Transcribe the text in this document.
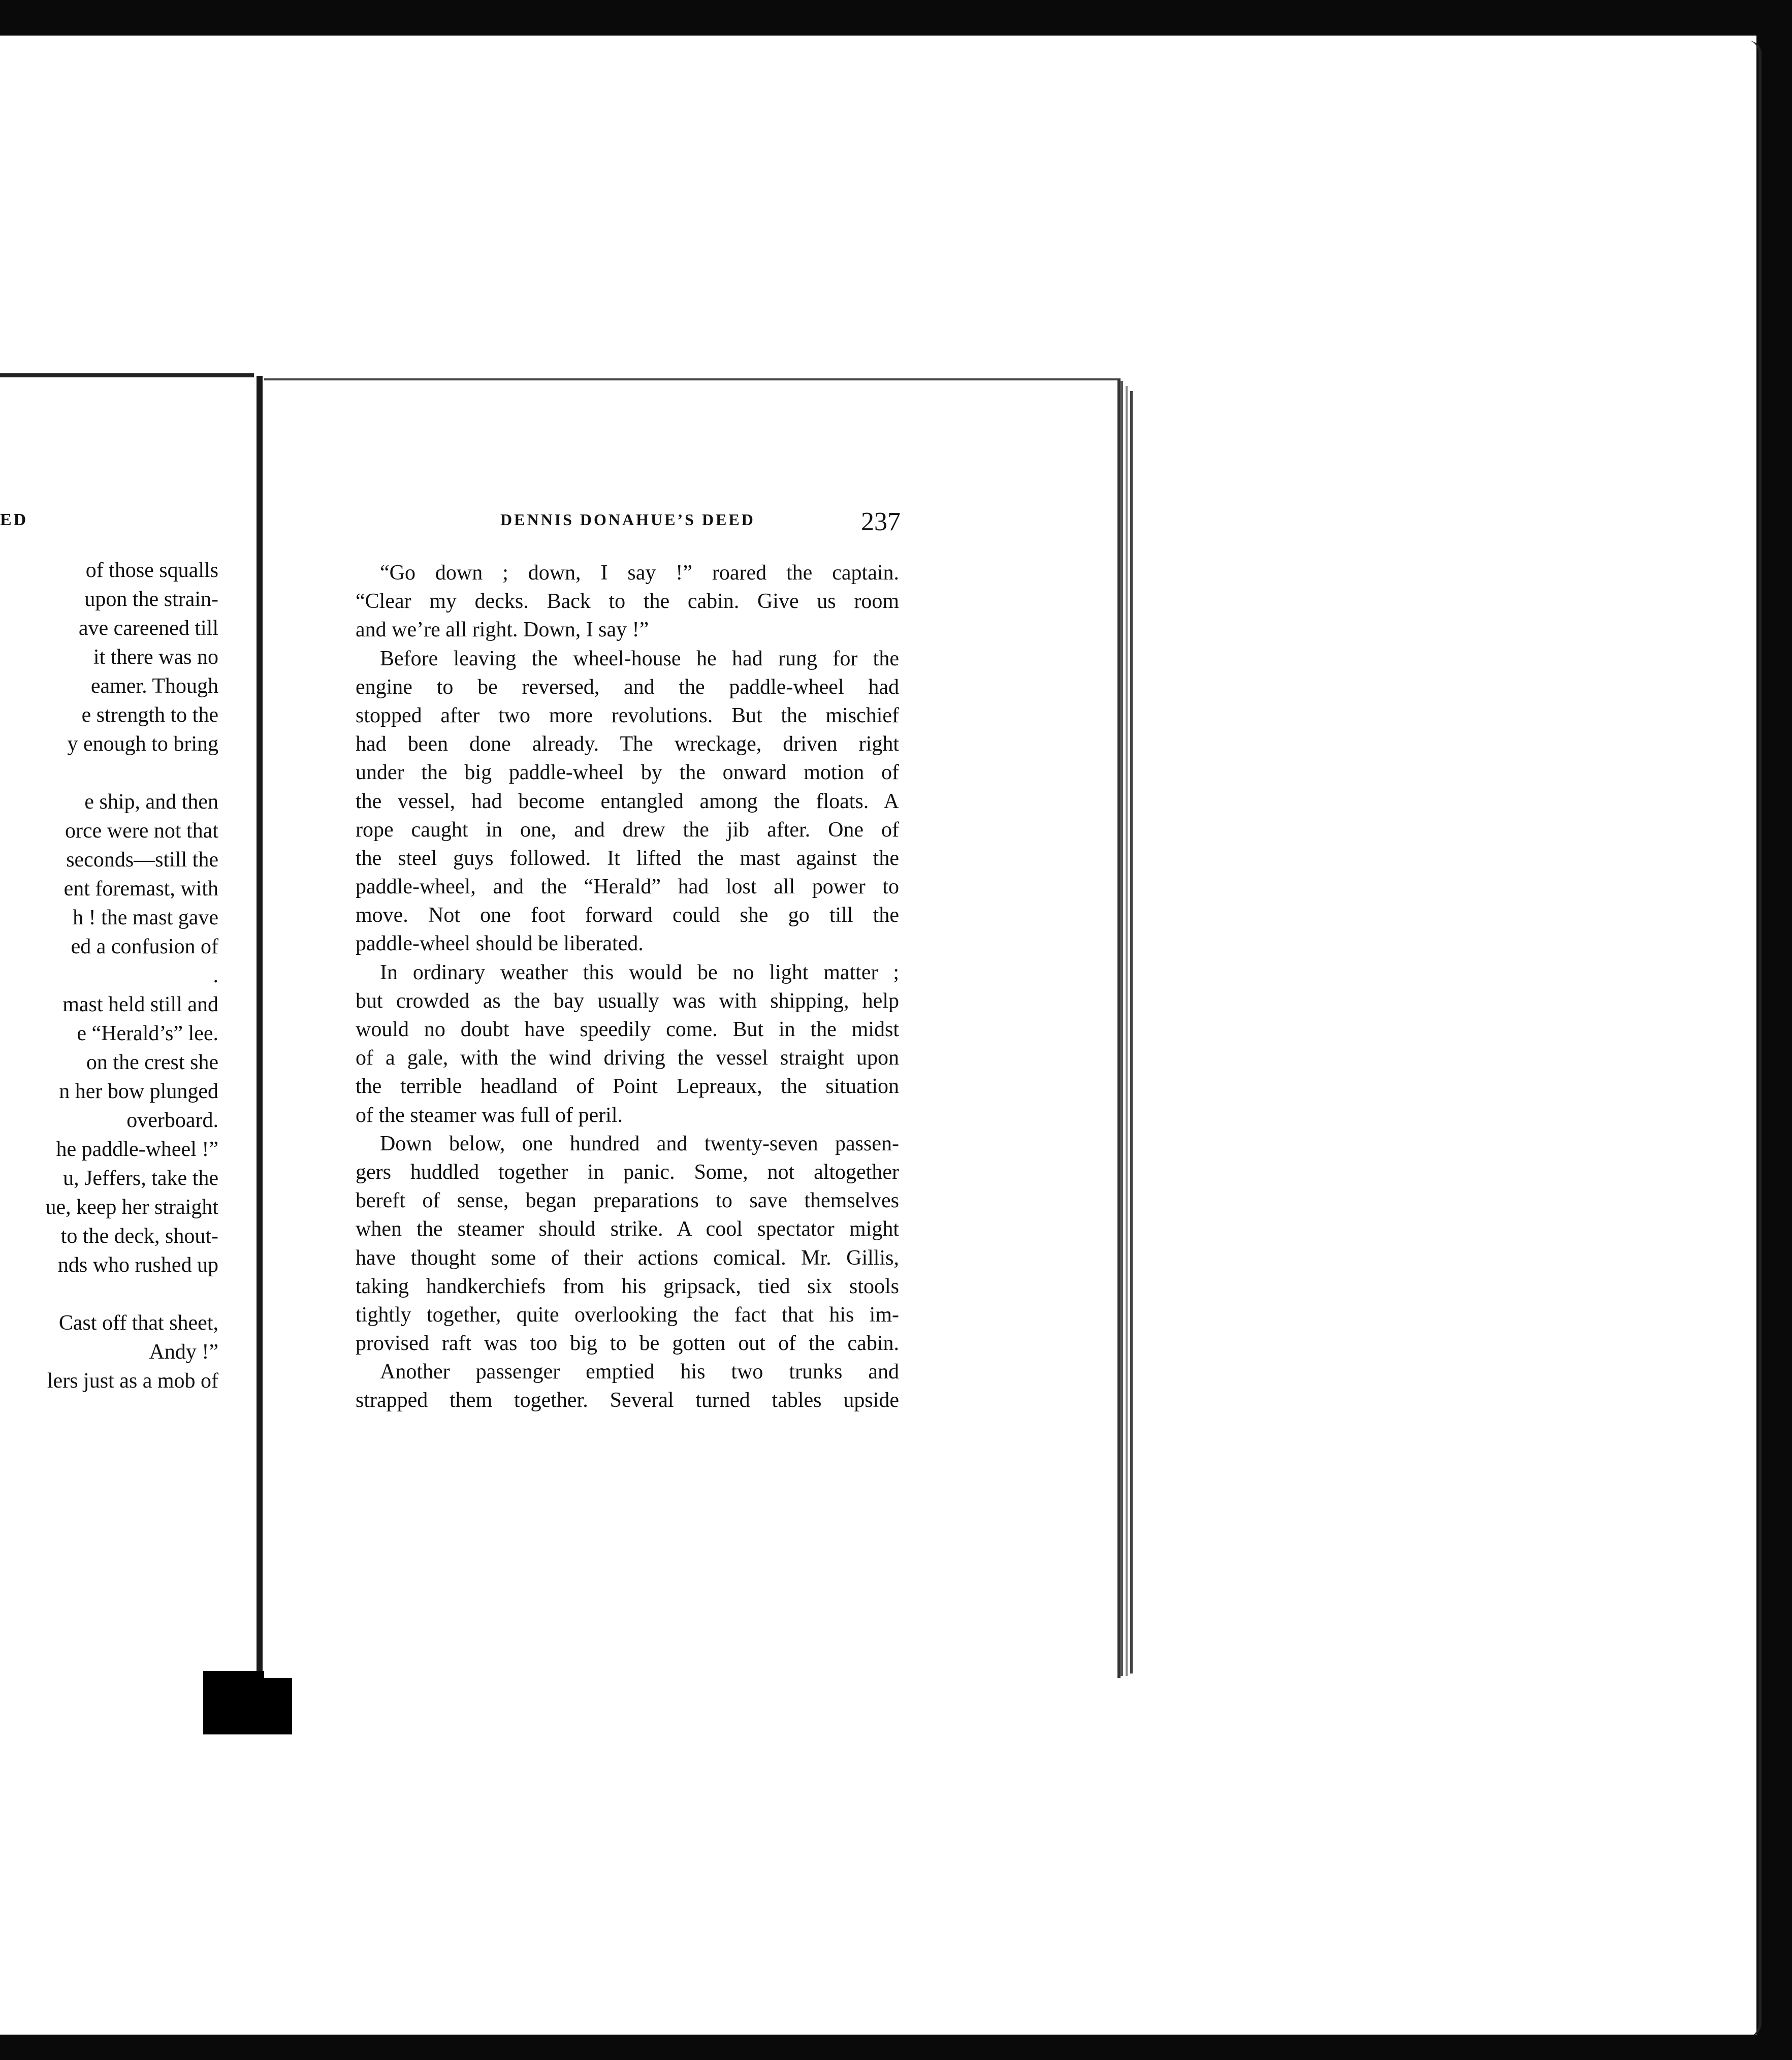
ED
of those squalls
upon the strain-
ave careened till
it there was no
eamer. Though
e strength to the
y enough to bring
e ship, and then
orce were not that
seconds—still the
ent foremast, with
h ! the mast gave
ed a confusion of
.
mast held still and
e “Herald’s” lee.
on the crest she
n her bow plunged
overboard.
he paddle-wheel !”
u, Jeffers, take the
ue, keep her straight
to the deck, shout-
nds who rushed up
Cast off that sheet,
Andy !”
lers just as a mob of
DENNIS DONAHUE’S DEED	237
“Go down ; down, I say !” roared the captain.
“Clear my decks. Back to the cabin. Give us room
and we’re all right. Down, I say !”
Before leaving the wheel-house he had rung for the
engine to be reversed, and the paddle-wheel had
stopped after two more revolutions. But the mischief
had been done already. The wreckage, driven right
under the big paddle-wheel by the onward motion of
the vessel, had become entangled among the floats. A
rope caught in one, and drew the jib after. One of
the steel guys followed. It lifted the mast against the
paddle-wheel, and the “Herald” had lost all power to
move. Not one foot forward could she go till the
paddle-wheel should be liberated.
In ordinary weather this would be no light matter ;
but crowded as the bay usually was with shipping, help
would no doubt have speedily come. But in the midst
of a gale, with the wind driving the vessel straight upon
the terrible headland of Point Lepreaux, the situation
of the steamer was full of peril.
Down below, one hundred and twenty-seven passen-
gers huddled together in panic. Some, not altogether
bereft of sense, began preparations to save themselves
when the steamer should strike. A cool spectator might
have thought some of their actions comical. Mr. Gillis,
taking handkerchiefs from his gripsack, tied six stools
tightly together, quite overlooking the fact that his im-
provised raft was too big to be gotten out of the cabin.
Another passenger emptied his two trunks and
strapped them together. Several turned tables upside
